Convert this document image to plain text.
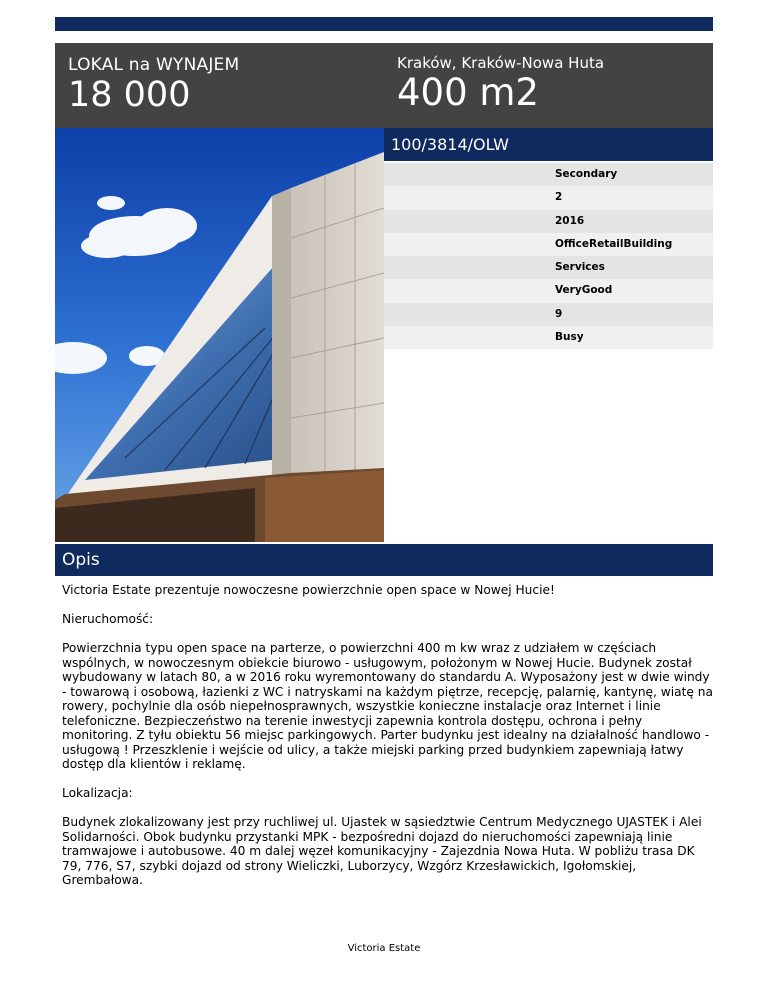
LOKAL na WYNAJEM
18 000
Kraków, Kraków-Nowa Huta
400 m2
100/3814/OLW
Secondary
2
2016
OfficeRetailBuilding
Services
VeryGood
9
Busy
Opis

Victoria Estate prezentuje nowoczesne powierzchnie open space w Nowej Hucie!

Nieruchomość:

Powierzchnia typu open space na parterze, o powierzchni 400 m kw wraz z udziałem w częściach wspólnych, w nowoczesnym obiekcie biurowo - usługowym, położonym w Nowej Hucie. Budynek został wybudowany w latach 80, a w 2016 roku wyremontowany do standardu A. Wyposażony jest w dwie windy - towarową i osobową, łazienki z WC i natryskami na każdym piętrze, recepcję, palarnię, kantynę, wiatę na rowery, pochylnie dla osób niepełnosprawnych, wszystkie konieczne instalacje oraz Internet i linie telefoniczne. Bezpieczeństwo na terenie inwestycji zapewnia kontrola dostępu, ochrona i pełny monitoring. Z tyłu obiektu 56 miejsc parkingowych. Parter budynku jest idealny na działalność handlowo - usługową ! Przeszklenie i wejście od ulicy, a także miejski parking przed budynkiem zapewniają łatwy dostęp dla klientów i reklamę.

Lokalizacja:

Budynek zlokalizowany jest przy ruchliwej ul. Ujastek w sąsiedztwie Centrum Medycznego UJASTEK i Alei Solidarności. Obok budynku przystanki MPK - bezpośredni dojazd do nieruchomości zapewniają linie tramwajowe i autobusowe. 40 m dalej węzeł komunikacyjny - Zajezdnia Nowa Huta. W pobliżu trasa DK 79, 776, S7, szybki dojazd od strony Wieliczki, Luborzycy, Wzgórz Krzesławickich, Igołomskiej, Grembałowa.

Victoria Estate
